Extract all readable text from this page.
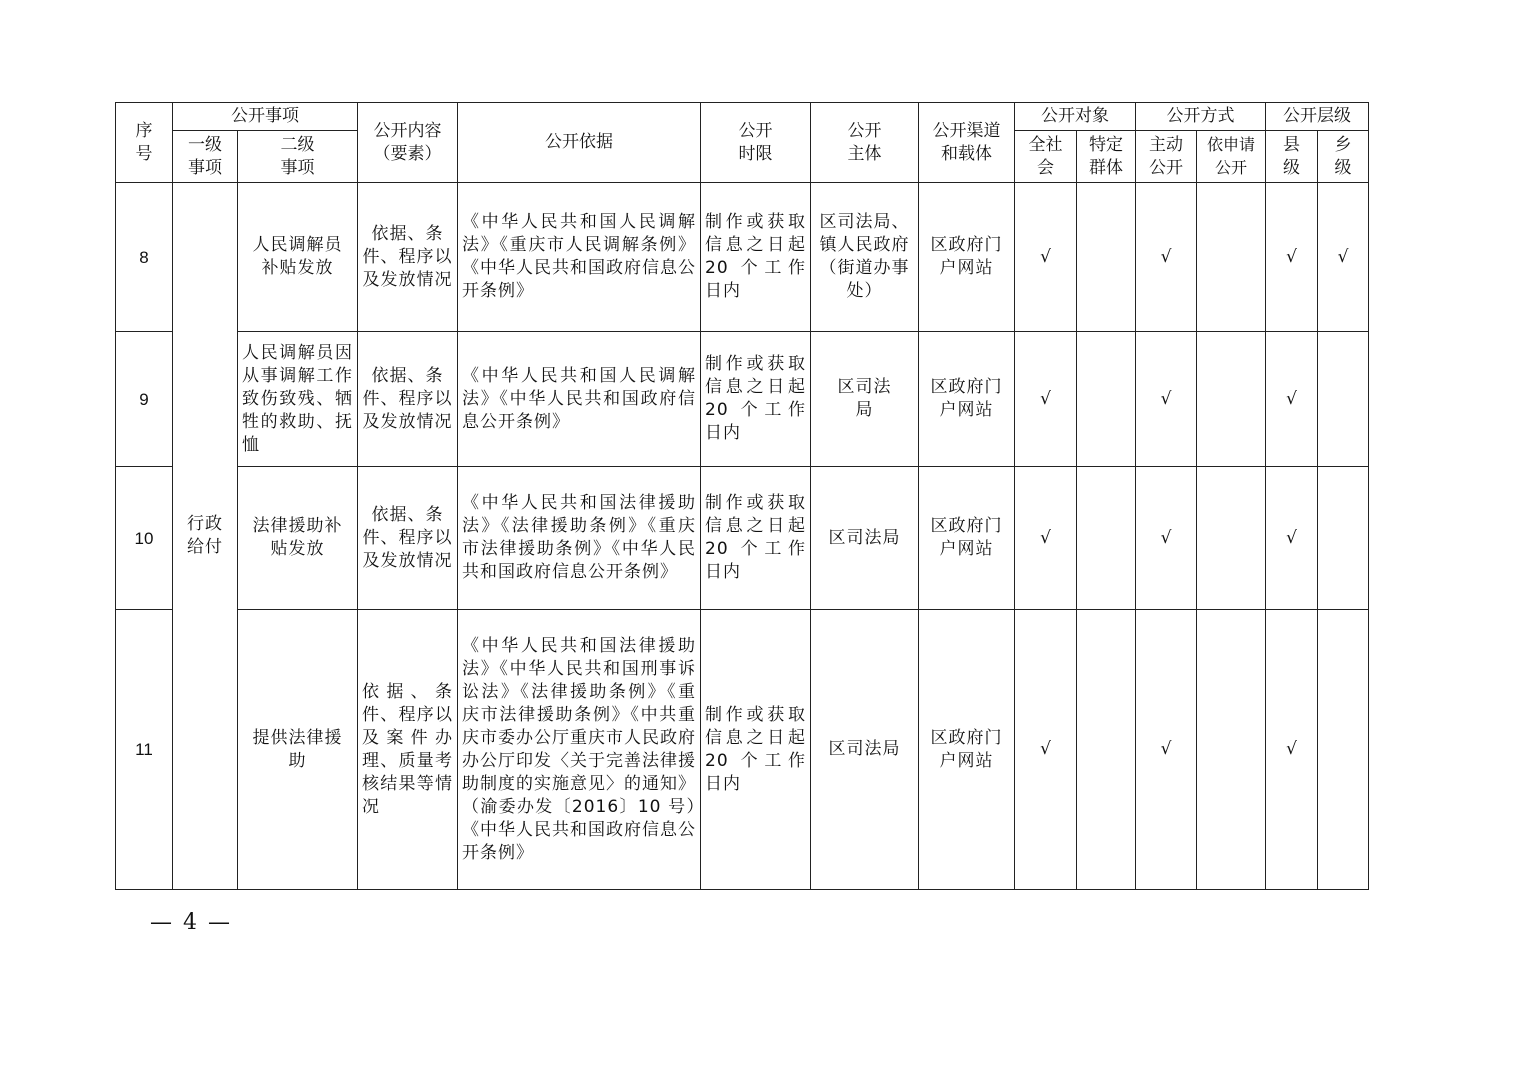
序号	公开事项		公开内容（要素）	公开依据	公开时限	公开主体	公开渠道和载体	公开对象		公开方式		公开层级	
	一级事项	二级事项						全社会	特定群体	主动公开	依申请公开	县级	乡级
8	行政给付	人民调解员补贴发放	依据、条件、程序以及发放情况	《中华人民共和国人民调解法》《重庆市人民调解条例》《中华人民共和国政府信息公开条例》	制作或获取信息之日起 20 个工作日内	区司法局、镇人民政府（街道办事处）	区政府门户网站	√		√		√	√
9		人民调解员因从事调解工作致伤致残、牺牲的救助、抚恤	依据、条件、程序以及发放情况	《中华人民共和国人民调解法》《中华人民共和国政府信息公开条例》	制作或获取信息之日起 20 个工作日内	区司法局	区政府门户网站	√		√		√	
10		法律援助补贴发放	依据、条件、程序以及发放情况	《中华人民共和国法律援助法》《法律援助条例》《重庆市法律援助条例》《中华人民共和国政府信息公开条例》	制作或获取信息之日起 20 个工作日内	区司法局	区政府门户网站	√		√		√	
11		提供法律援助	依据、条件、程序以及案件办理、质量考核结果等情况	《中华人民共和国法律援助法》《中华人民共和国刑事诉讼法》《法律援助条例》《重庆市法律援助条例》《中共重庆市委办公厅重庆市人民政府办公厅印发〈关于完善法律援助制度的实施意见〉的通知》（渝委办发〔2016〕10 号）《中华人民共和国政府信息公开条例》	制作或获取信息之日起 20 个工作日内	区司法局	区政府门户网站	√		√		√	
— 4 —
